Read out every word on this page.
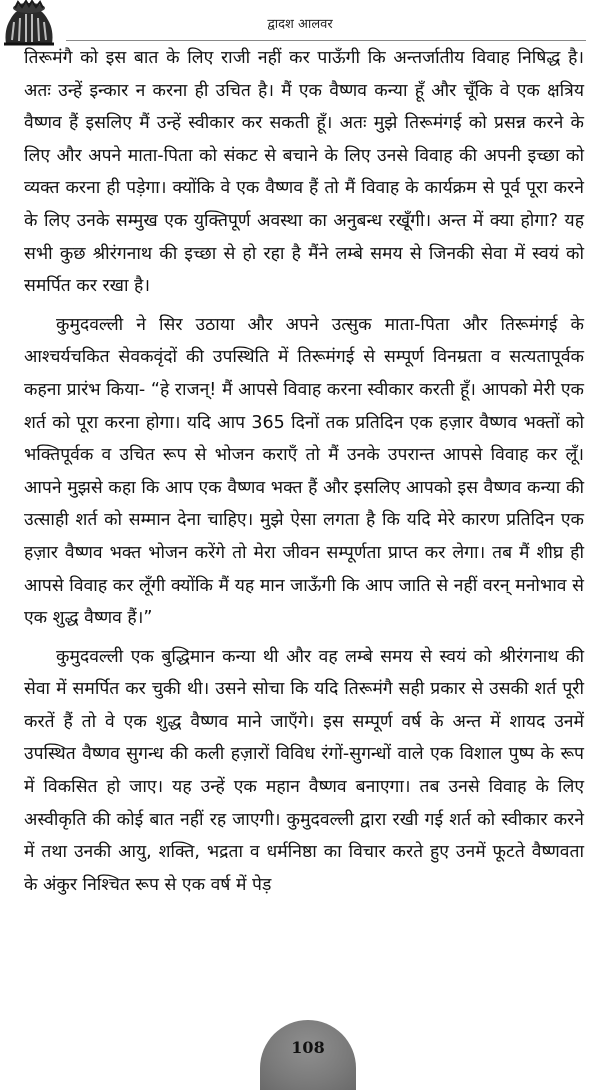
द्वादश आलवर

तिरूमंगै को इस बात के लिए राजी नहीं कर पाऊँगी कि अन्तर्जातीय विवाह निषिद्ध है। अतः उन्हें इन्कार न करना ही उचित है। मैं एक वैष्णव कन्या हूँ और चूँकि वे एक क्षत्रिय वैष्णव हैं इसलिए मैं उन्हें स्वीकार कर सकती हूँ। अतः मुझे तिरूमंगई को प्रसन्न करने के लिए और अपने माता-पिता को संकट से बचाने के लिए उनसे विवाह की अपनी इच्छा को व्यक्त करना ही पड़ेगा। क्योंकि वे एक वैष्णव हैं तो मैं विवाह के कार्यक्रम से पूर्व पूरा करने के लिए उनके सम्मुख एक युक्तिपूर्ण अवस्था का अनुबन्ध रखूँगी। अन्त में क्या होगा? यह सभी कुछ श्रीरंगनाथ की इच्छा से हो रहा है मैंने लम्बे समय से जिनकी सेवा में स्वयं को समर्पित कर रखा है।

कुमुदवल्ली ने सिर उठाया और अपने उत्सुक माता-पिता और तिरूमंगई के आश्चर्यचकित सेवकवृंदों की उपस्थिति में तिरूमंगई से सम्पूर्ण विनम्रता व सत्यतापूर्वक कहना प्रारंभ किया- “हे राजन्! मैं आपसे विवाह करना स्वीकार करती हूँ। आपको मेरी एक शर्त को पूरा करना होगा। यदि आप 365 दिनों तक प्रतिदिन एक हज़ार वैष्णव भक्तों को भक्तिपूर्वक व उचित रूप से भोजन कराएँ तो मैं उनके उपरान्त आपसे विवाह कर लूँ। आपने मुझसे कहा कि आप एक वैष्णव भक्त हैं और इसलिए आपको इस वैष्णव कन्या की उत्साही शर्त को सम्मान देना चाहिए। मुझे ऐसा लगता है कि यदि मेरे कारण प्रतिदिन एक हज़ार वैष्णव भक्त भोजन करेंगे तो मेरा जीवन सम्पूर्णता प्राप्त कर लेगा। तब मैं शीघ्र ही आपसे विवाह कर लूँगी क्योंकि मैं यह मान जाऊँगी कि आप जाति से नहीं वरन् मनोभाव से एक शुद्ध वैष्णव हैं।”

कुमुदवल्ली एक बुद्धिमान कन्या थी और वह लम्बे समय से स्वयं को श्रीरंगनाथ की सेवा में समर्पित कर चुकी थी। उसने सोचा कि यदि तिरूमंगै सही प्रकार से उसकी शर्त पूरी करतें हैं तो वे एक शुद्ध वैष्णव माने जाएँगे। इस सम्पूर्ण वर्ष के अन्त में शायद उनमें उपस्थित वैष्णव सुगन्ध की कली हज़ारों विविध रंगों-सुगन्धों वाले एक विशाल पुष्प के रूप में विकसित हो जाए। यह उन्हें एक महान वैष्णव बनाएगा। तब उनसे विवाह के लिए अस्वीकृति की कोई बात नहीं रह जाएगी। कुमुदवल्ली द्वारा रखी गई शर्त को स्वीकार करने में तथा उनकी आयु, शक्ति, भद्रता व धर्मनिष्ठा का विचार करते हुए उनमें फूटते वैष्णवता के अंकुर निश्चित रूप से एक वर्ष में पेड़

108
